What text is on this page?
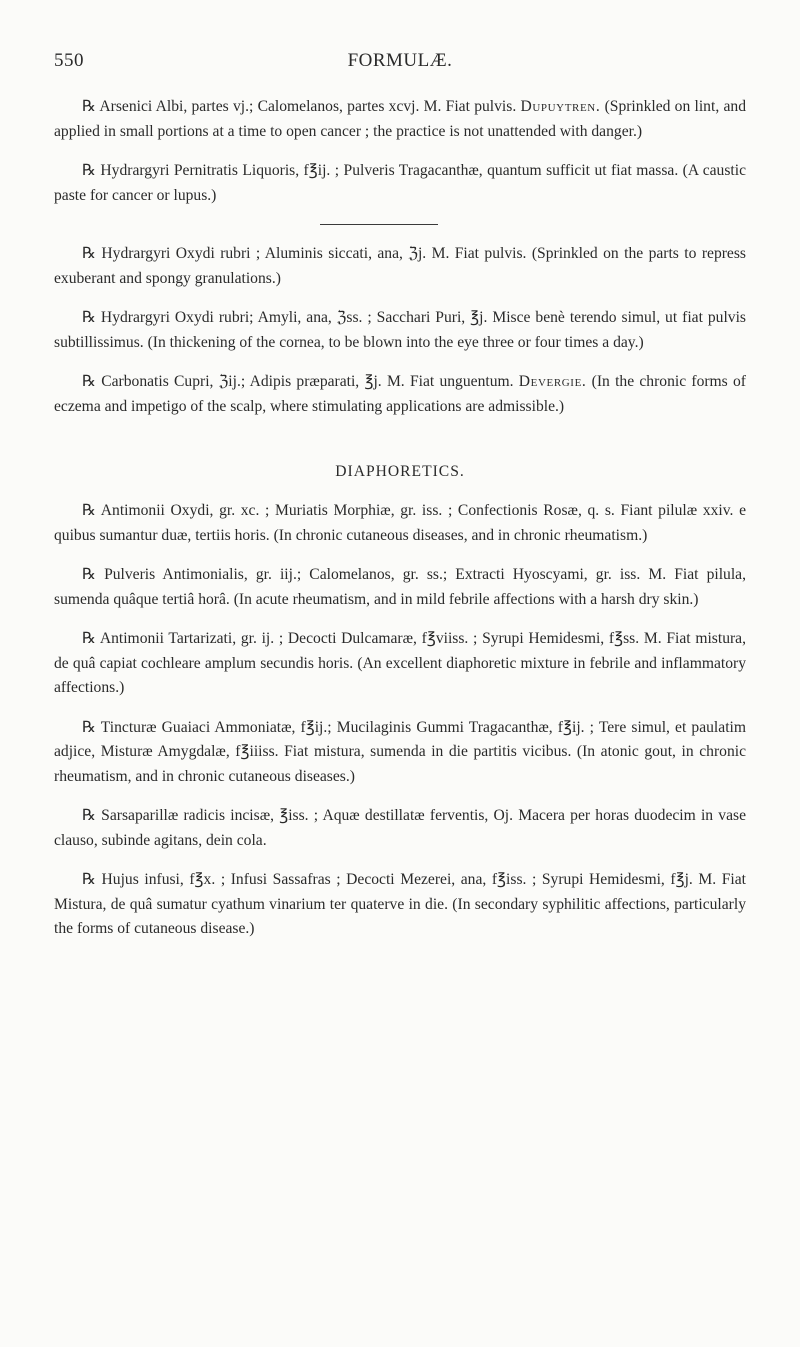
550	FORMULÆ.

℞ Arsenici Albi, partes vj.; Calomelanos, partes xcvj. M. Fiat pulvis. Dupuytren. (Sprinkled on lint, and applied in small portions at a time to open cancer ; the practice is not unattended with danger.)

℞ Hydrargyri Pernitratis Liquoris, f℥ij. ; Pulveris Tragacanthæ, quantum sufficit ut fiat massa. (A caustic paste for cancer or lupus.)

℞ Hydrargyri Oxydi rubri ; Aluminis siccati, ana, ℨj. M. Fiat pulvis. (Sprinkled on the parts to repress exuberant and spongy granulations.)

℞ Hydrargyri Oxydi rubri; Amyli, ana, ℨss. ; Sacchari Puri, ℥j. Misce benè terendo simul, ut fiat pulvis subtillissimus. (In thickening of the cornea, to be blown into the eye three or four times a day.)

℞ Carbonatis Cupri, ℨij.; Adipis præparati, ℥j. M. Fiat unguentum. Devergie. (In the chronic forms of eczema and impetigo of the scalp, where stimulating applications are admissible.)

DIAPHORETICS.

℞ Antimonii Oxydi, gr. xc. ; Muriatis Morphiæ, gr. iss. ; Confectionis Rosæ, q. s. Fiant pilulæ xxiv. e quibus sumantur duæ, tertiis horis. (In chronic cutaneous diseases, and in chronic rheumatism.)

℞ Pulveris Antimonialis, gr. iij.; Calomelanos, gr. ss.; Extracti Hyoscyami, gr. iss. M. Fiat pilula, sumenda quâque tertiâ horâ. (In acute rheumatism, and in mild febrile affections with a harsh dry skin.)

℞ Antimonii Tartarizati, gr. ij. ; Decocti Dulcamaræ, f℥viiss. ; Syrupi Hemidesmi, f℥ss. M. Fiat mistura, de quâ capiat cochleare amplum secundis horis. (An excellent diaphoretic mixture in febrile and inflammatory affections.)

℞ Tincturæ Guaiaci Ammoniatæ, f℥ij.; Mucilaginis Gummi Tragacanthæ, f℥ij. ; Tere simul, et paulatim adjice, Misturæ Amygdalæ, f℥iiiss. Fiat mistura, sumenda in die partitis vicibus. (In atonic gout, in chronic rheumatism, and in chronic cutaneous diseases.)

℞ Sarsaparillæ radicis incisæ, ℥iss. ; Aquæ destillatæ ferventis, Oj. Macera per horas duodecim in vase clauso, subinde agitans, dein cola.

℞ Hujus infusi, f℥x. ; Infusi Sassafras ; Decocti Mezerei, ana, f℥iss. ; Syrupi Hemidesmi, f℥j. M. Fiat Mistura, de quâ sumatur cyathum vinarium ter quaterve in die. (In secondary syphilitic affections, particularly the forms of cutaneous disease.)
